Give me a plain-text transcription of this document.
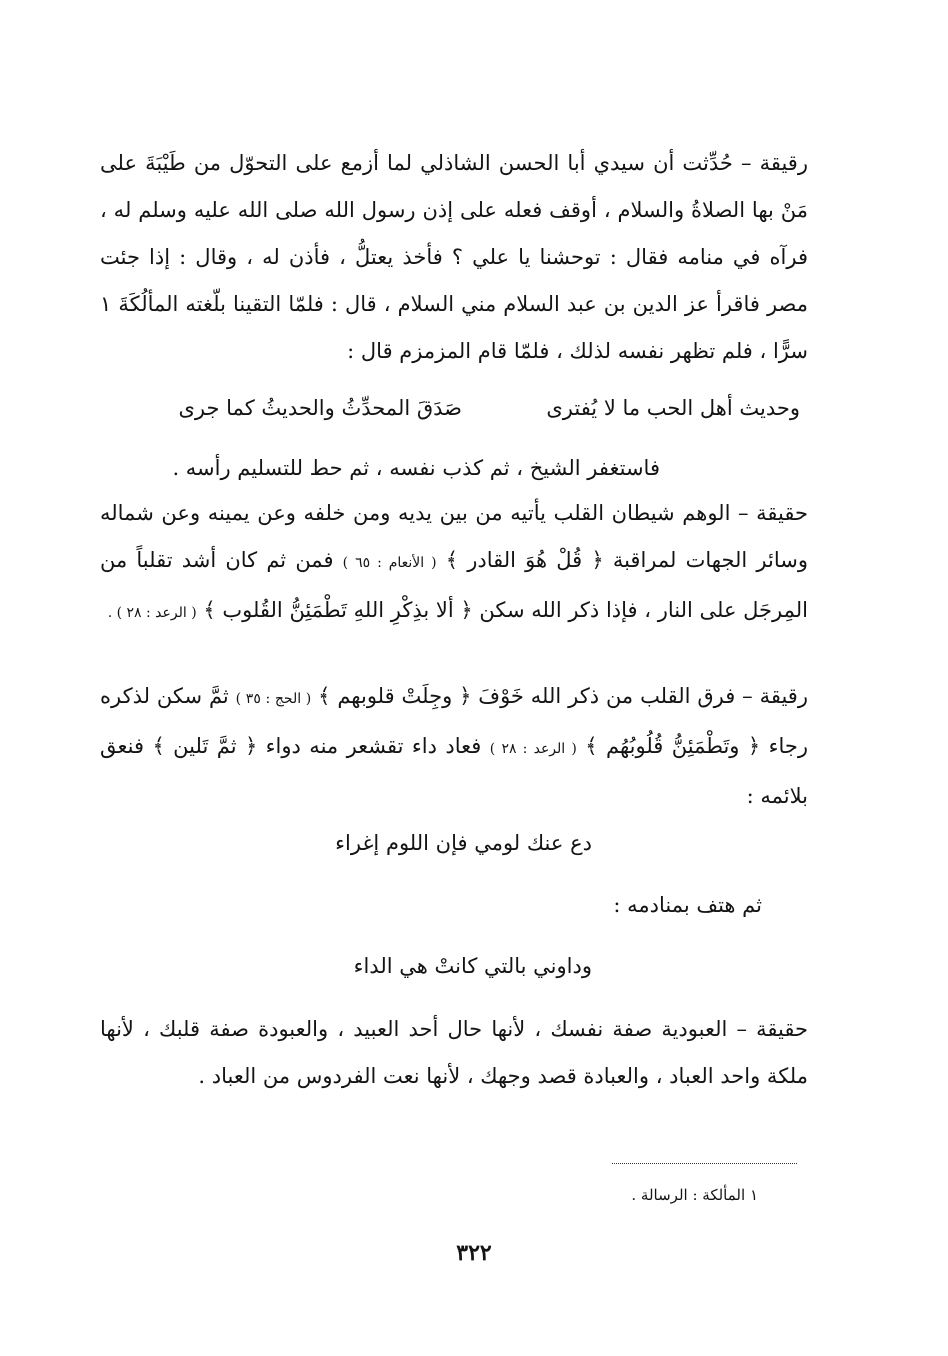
رقيقة – حُدِّثت أن سيدي أبا الحسن الشاذلي لما أزمع على التحوّل من طَيْبَةَ على مَنْ بها الصلاةُ والسلام ، أوقف فعله على إذن رسول الله صلى الله عليه وسلم له ، فرآه في منامه فقال : توحشنا يا علي ؟ فأخذ يعتلُّ ، فأذن له ، وقال : إذا جئت مصر فاقرأ عز الدين بن عبد السلام مني السلام ، قال : فلمّا التقينا بلّغته المألُكَةَ ١ سرًّا ، فلم تظهر نفسه لذلك ، فلمّا قام المزمزم قال :
وحديث أهل الحب ما لا يُفترى
صَدَقَ المحدِّثُ والحديثُ كما جرى
فاستغفر الشيخ ، ثم كذب نفسه ، ثم حط للتسليم رأسه .
حقيقة – الوهم شيطان القلب يأتيه من بين يديه ومن خلفه وعن يمينه وعن شماله وسائر الجهات لمراقبة ﴿ قُلْ هُوَ القادر ﴾ ( الأنعام : ٦٥ ) فمن ثم كان أشد تقلباً من المِرجَل على النار ، فإذا ذكر الله سكن ﴿ ألا بذِكْرِ اللهِ تَطْمَئِنُّ القُلوب ﴾ ( الرعد : ٢٨ ) .
رقيقة – فرق القلب من ذكر الله خَوْفَ ﴿ وجِلَتْ قلوبهم ﴾ ( الحج : ٣٥ ) ثمَّ سكن لذكره رجاء ﴿ وتَطْمَئِنُّ قُلُوبُهُم ﴾ ( الرعد : ٢٨ ) فعاد داء تقشعر منه دواء ﴿ ثمَّ تَلين ﴾ فنعق بلائمه :
دع عنك لومي فإن اللوم إغراء
ثم هتف بمنادمه :
وداوني بالتي كانتْ هي الداء
حقيقة – العبودية صفة نفسك ، لأنها حال أحد العبيد ، والعبودة صفة قلبك ، لأنها ملكة واحد العباد ، والعبادة قصد وجهك ، لأنها نعت الفردوس من العباد .
١ المألكة : الرسالة .
٣٢٢
